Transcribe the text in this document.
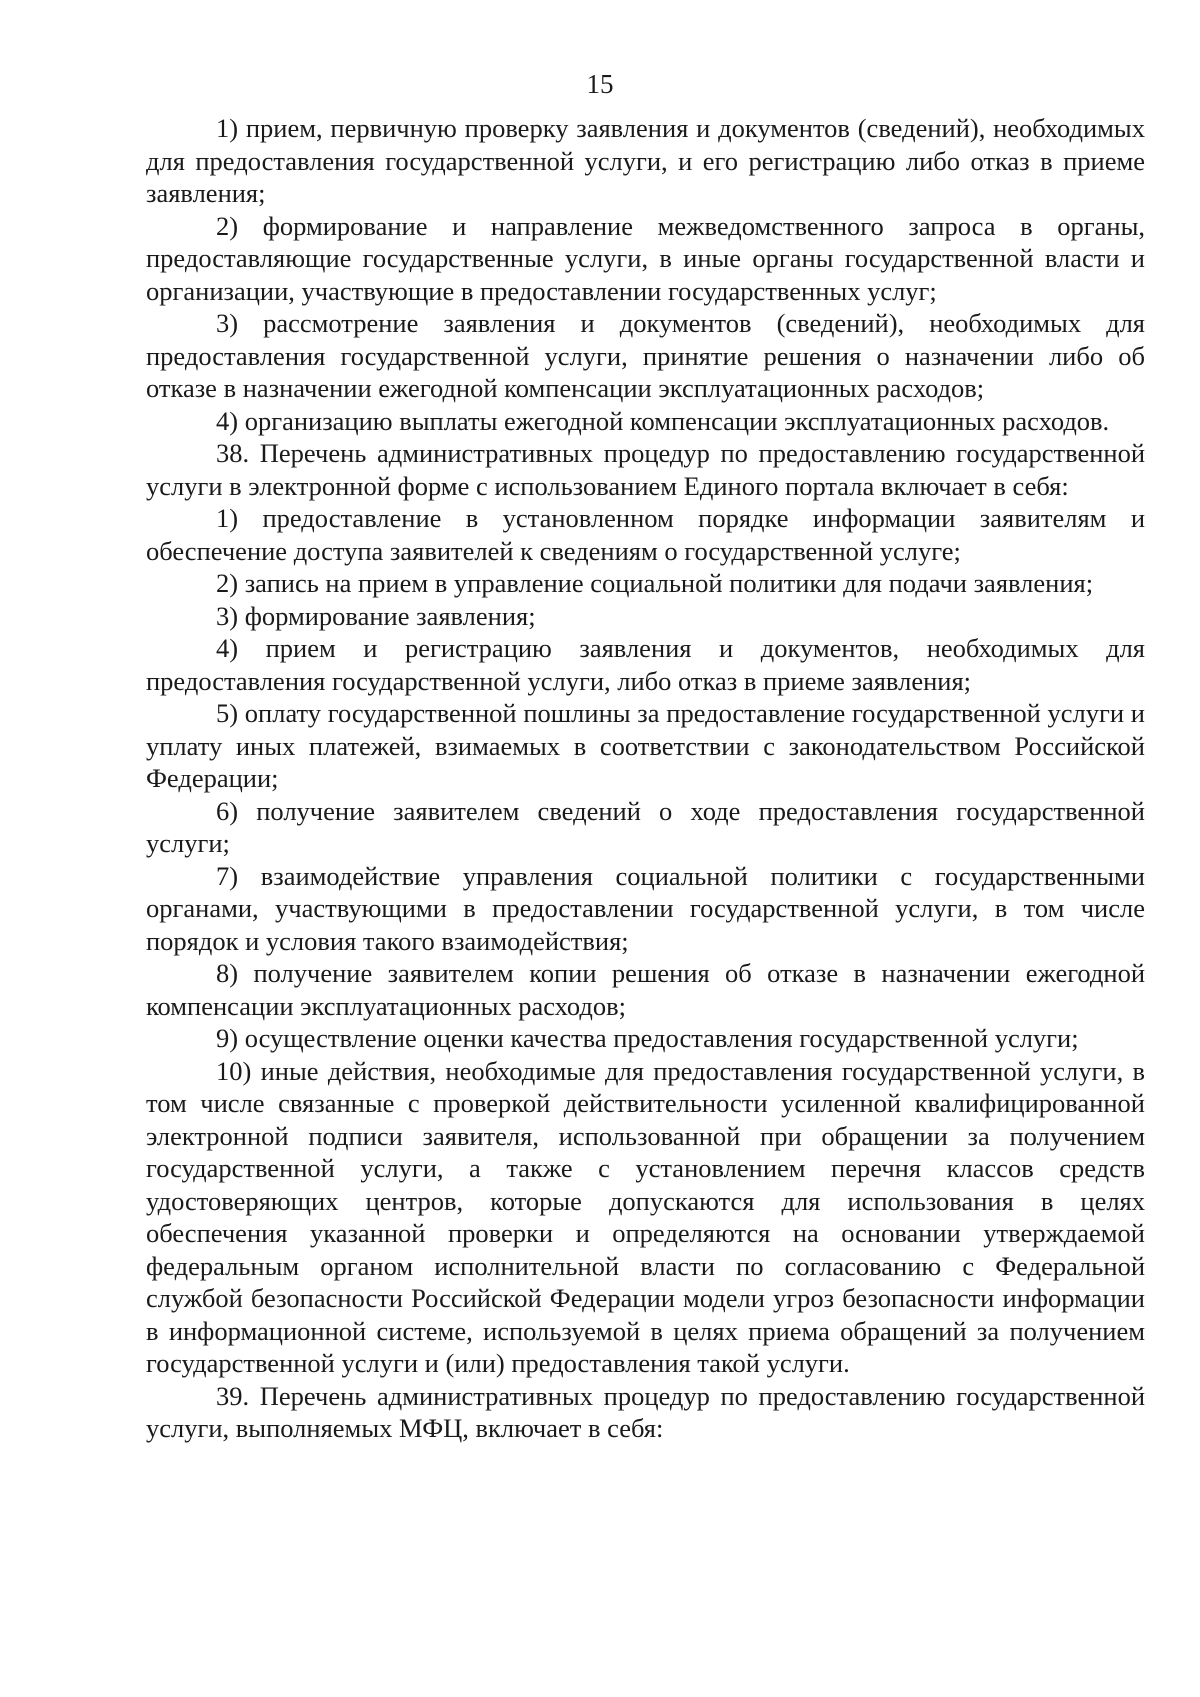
15

1) прием, первичную проверку заявления и документов (сведений), необходимых для предоставления государственной услуги, и его регистрацию либо отказ в приеме заявления;

2) формирование и направление межведомственного запроса в органы, предоставляющие государственные услуги, в иные органы государственной власти и организации, участвующие в предоставлении государственных услуг;

3) рассмотрение заявления и документов (сведений), необходимых для предоставления государственной услуги, принятие решения о назначении либо об отказе в назначении ежегодной компенсации эксплуатационных расходов;

4) организацию выплаты ежегодной компенсации эксплуатационных расходов.

38. Перечень административных процедур по предоставлению государственной услуги в электронной форме с использованием Единого портала включает в себя:

1) предоставление в установленном порядке информации заявителям и обеспечение доступа заявителей к сведениям о государственной услуге;

2) запись на прием в управление социальной политики для подачи заявления;

3) формирование заявления;

4) прием и регистрацию заявления и документов, необходимых для предоставления государственной услуги, либо отказ в приеме заявления;

5) оплату государственной пошлины за предоставление государственной услуги и уплату иных платежей, взимаемых в соответствии с законодательством Российской Федерации;

6) получение заявителем сведений о ходе предоставления государственной услуги;

7) взаимодействие управления социальной политики с государственными органами, участвующими в предоставлении государственной услуги, в том числе порядок и условия такого взаимодействия;

8) получение заявителем копии решения об отказе в назначении ежегодной компенсации эксплуатационных расходов;

9) осуществление оценки качества предоставления государственной услуги;

10) иные действия, необходимые для предоставления государственной услуги, в том числе связанные с проверкой действительности усиленной квалифицированной электронной подписи заявителя, использованной при обращении за получением государственной услуги, а также с установлением перечня классов средств удостоверяющих центров, которые допускаются для использования в целях обеспечения указанной проверки и определяются на основании утверждаемой федеральным органом исполнительной власти по согласованию с Федеральной службой безопасности Российской Федерации модели угроз безопасности информации в информационной системе, используемой в целях приема обращений за получением государственной услуги и (или) предоставления такой услуги.

39. Перечень административных процедур по предоставлению государственной услуги, выполняемых МФЦ, включает в себя:
